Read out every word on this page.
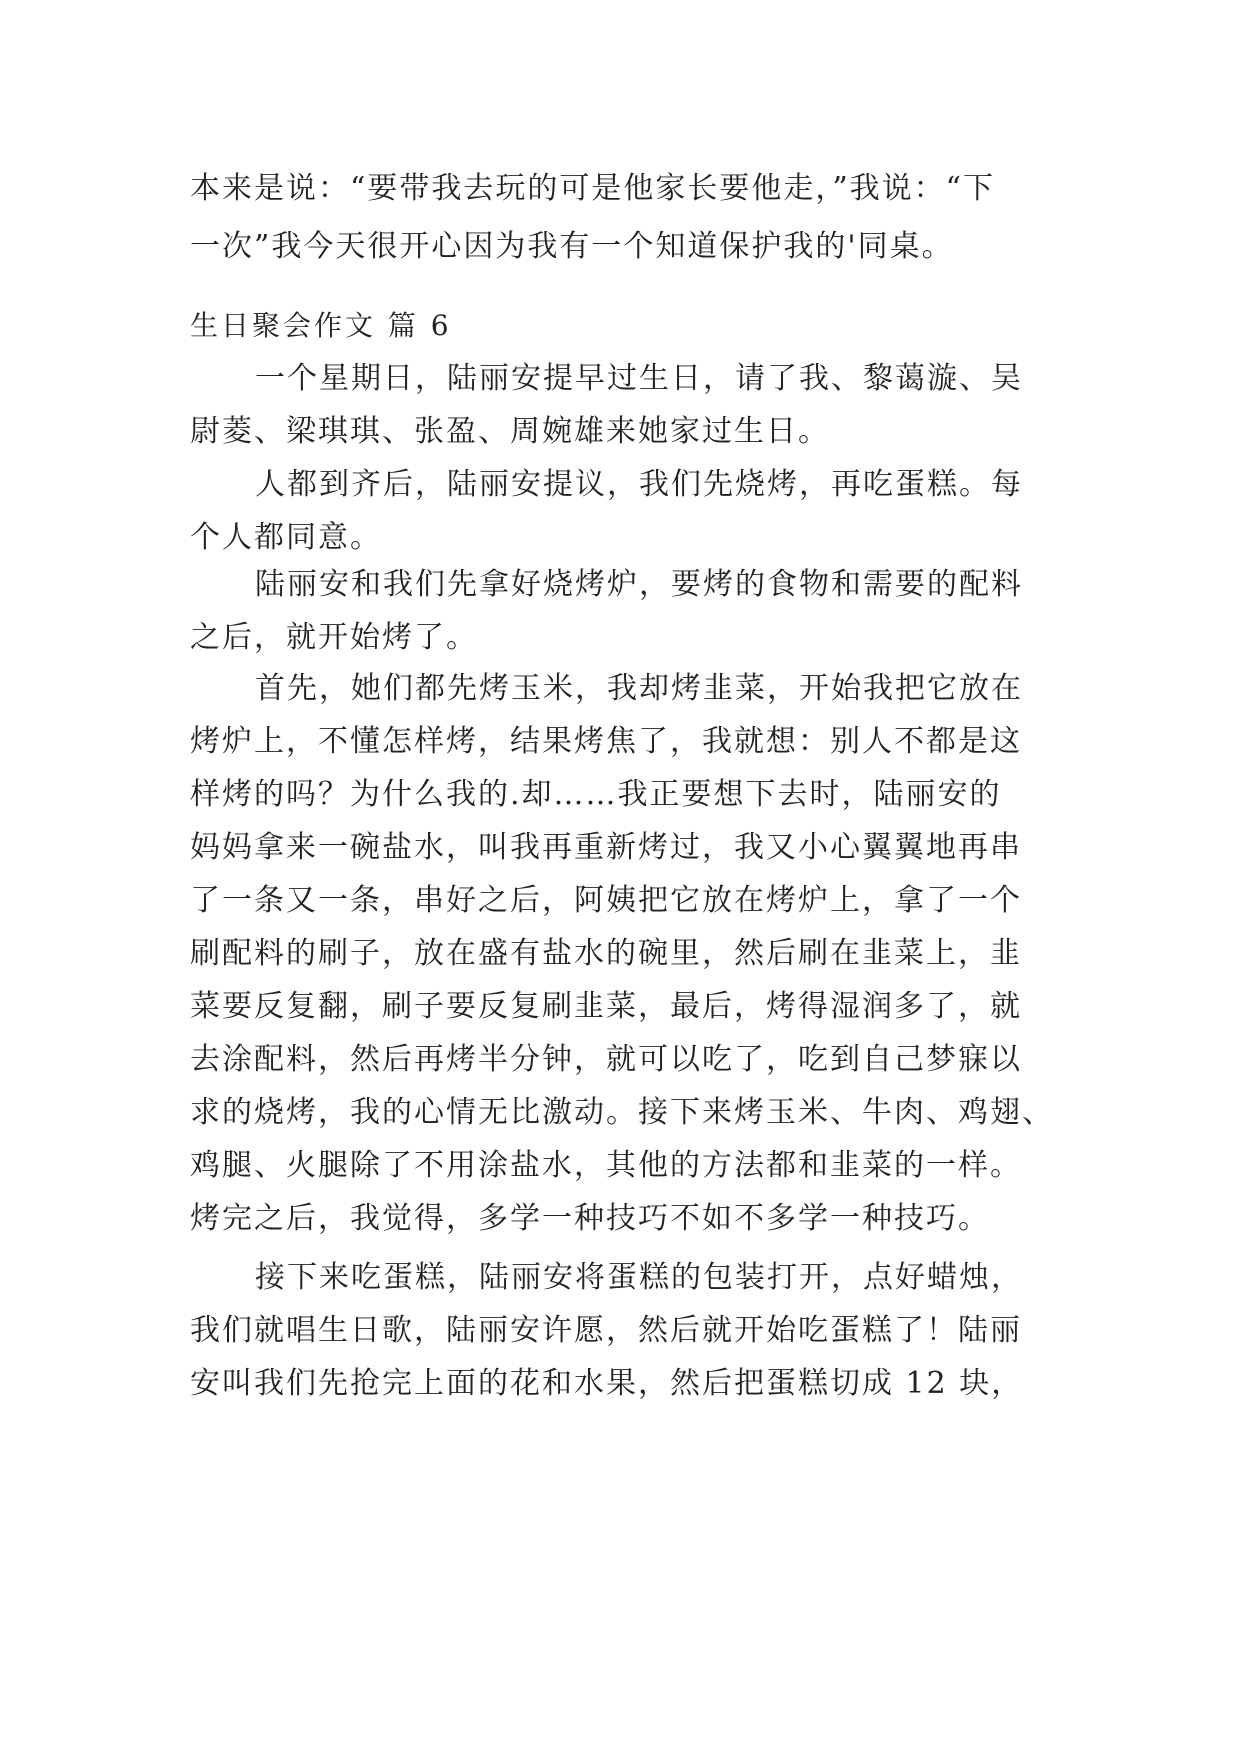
本来是说：“要带我去玩的可是他家长要他走，”我说：“下
一次”我今天很开心因为我有一个知道保护我的'同桌。
生日聚会作文 篇 6
一个星期日，陆丽安提早过生日，请了我、黎蔼漩、吴
尉菱、梁琪琪、张盈、周婉雄来她家过生日。
人都到齐后，陆丽安提议，我们先烧烤，再吃蛋糕。每
个人都同意。
陆丽安和我们先拿好烧烤炉，要烤的食物和需要的配料
之后，就开始烤了。
首先，她们都先烤玉米，我却烤韭菜，开始我把它放在
烤炉上，不懂怎样烤，结果烤焦了，我就想：别人不都是这
样烤的吗？为什么我的.却……我正要想下去时，陆丽安的
妈妈拿来一碗盐水，叫我再重新烤过，我又小心翼翼地再串
了一条又一条，串好之后，阿姨把它放在烤炉上，拿了一个
刷配料的刷子，放在盛有盐水的碗里，然后刷在韭菜上，韭
菜要反复翻，刷子要反复刷韭菜，最后，烤得湿润多了，就
去涂配料，然后再烤半分钟，就可以吃了，吃到自己梦寐以
求的烧烤，我的心情无比激动。接下来烤玉米、牛肉、鸡翅、
鸡腿、火腿除了不用涂盐水，其他的方法都和韭菜的一样。
烤完之后，我觉得，多学一种技巧不如不多学一种技巧。
接下来吃蛋糕，陆丽安将蛋糕的包装打开，点好蜡烛，
我们就唱生日歌，陆丽安许愿，然后就开始吃蛋糕了！陆丽
安叫我们先抢完上面的花和水果，然后把蛋糕切成 12 块，
